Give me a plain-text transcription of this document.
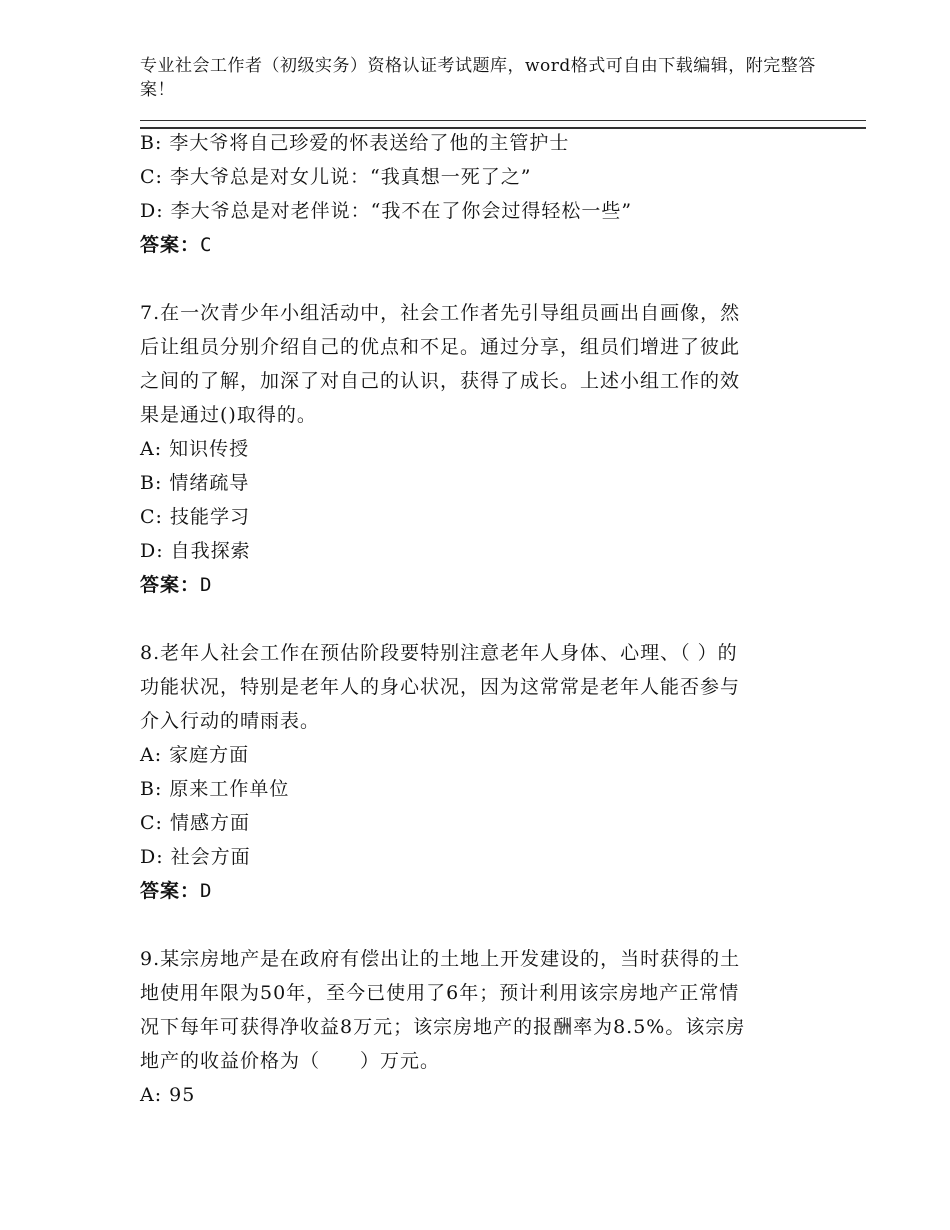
专业社会工作者（初级实务）资格认证考试题库，word格式可自由下载编辑，附完整答案！
B: 李大爷将自己珍爱的怀表送给了他的主管护士
C: 李大爷总是对女儿说：“我真想一死了之”
D: 李大爷总是对老伴说：“我不在了你会过得轻松一些”
答案：C
7.在一次青少年小组活动中，社会工作者先引导组员画出自画像，然
后让组员分别介绍自己的优点和不足。通过分享，组员们增进了彼此
之间的了解，加深了对自己的认识，获得了成长。上述小组工作的效
果是通过()取得的。
A: 知识传授
B: 情绪疏导
C: 技能学习
D: 自我探索
答案：D
8.老年人社会工作在预估阶段要特别注意老年人身体、心理、（ ）的
功能状况，特别是老年人的身心状况，因为这常常是老年人能否参与
介入行动的晴雨表。
A: 家庭方面
B: 原来工作单位
C: 情感方面
D: 社会方面
答案：D
9.某宗房地产是在政府有偿出让的土地上开发建设的，当时获得的土
地使用年限为50年，至今已使用了6年；预计利用该宗房地产正常情
况下每年可获得净收益8万元；该宗房地产的报酬率为8.5%。该宗房
地产的收益价格为（　　）万元。
A: 95
